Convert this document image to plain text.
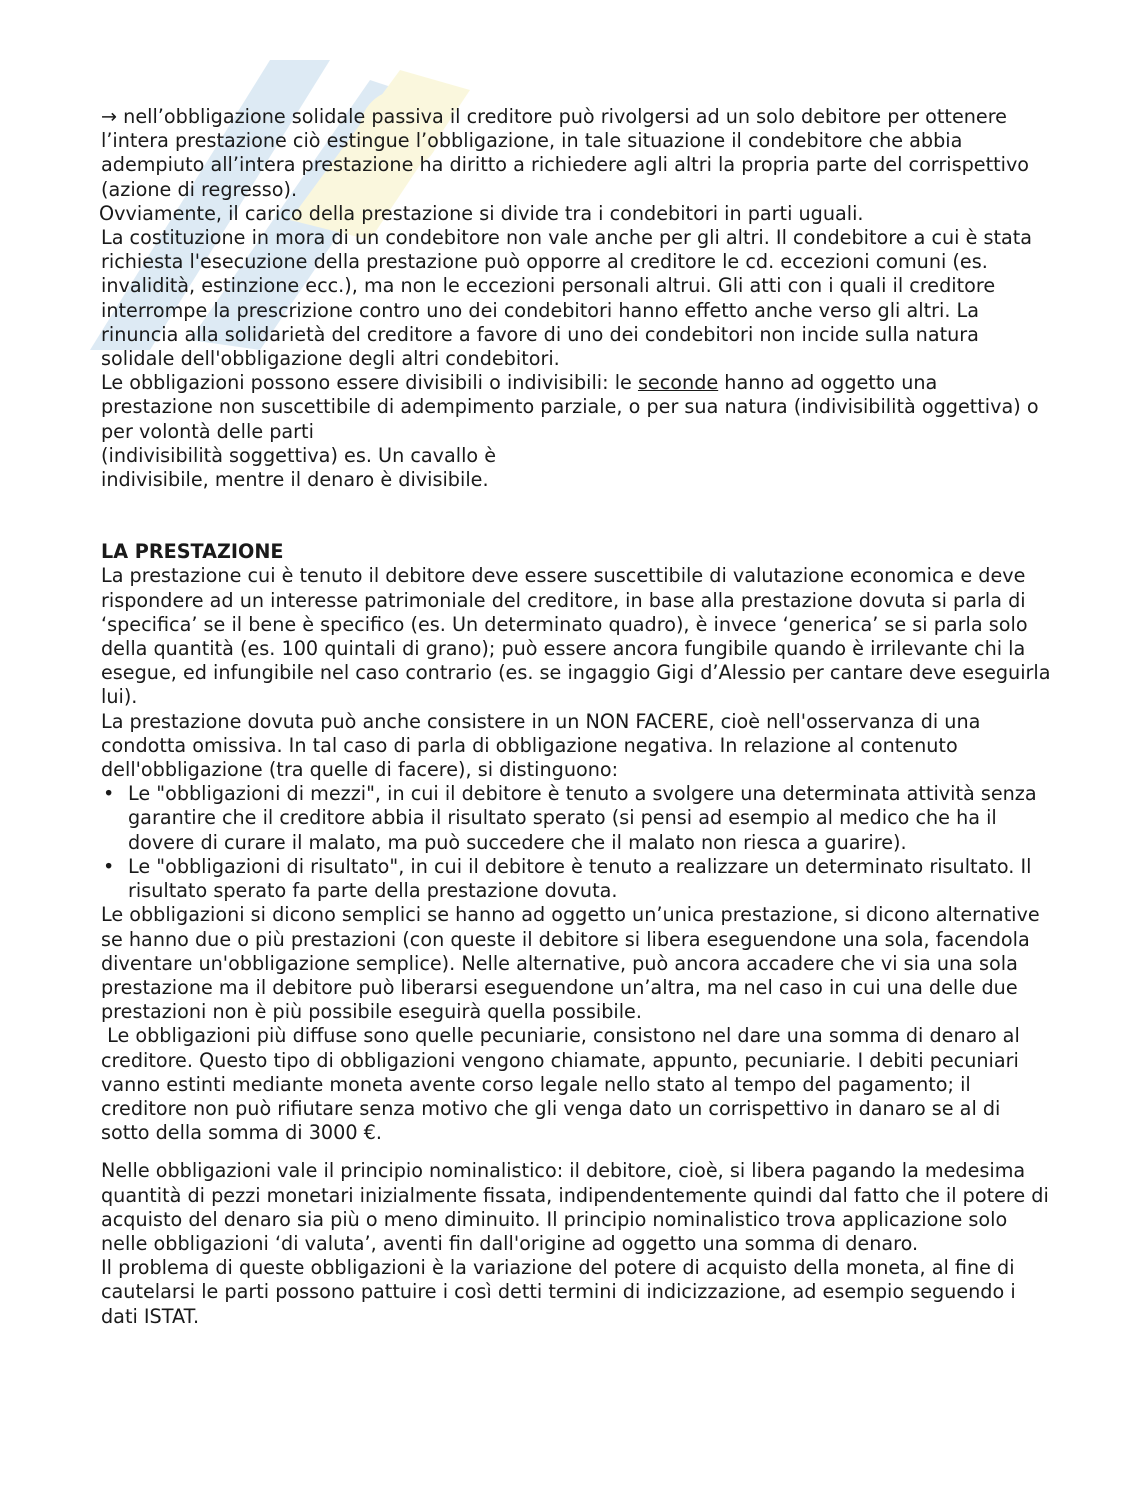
→ nell’obbligazione solidale passiva il creditore può rivolgersi ad un solo debitore per ottenere l’intera prestazione ciò estingue l’obbligazione, in tale situazione il condebitore che abbia adempiuto all’intera prestazione ha diritto a richiedere agli altri la propria parte del corrispettivo (azione di regresso).

Ovviamente, il carico della prestazione si divide tra i condebitori in parti uguali.

La costituzione in mora di un condebitore non vale anche per gli altri. Il condebitore a cui è stata richiesta l'esecuzione della prestazione può opporre al creditore le cd. eccezioni comuni (es. invalidità, estinzione ecc.), ma non le eccezioni personali altrui. Gli atti con i quali il creditore interrompe la prescrizione contro uno dei condebitori hanno effetto anche verso gli altri. La rinuncia alla solidarietà del creditore a favore di uno dei condebitori non incide sulla natura solidale dell'obbligazione degli altri condebitori.

Le obbligazioni possono essere divisibili o indivisibili: le seconde hanno ad oggetto una prestazione non suscettibile di adempimento parziale, o per sua natura (indivisibilità oggettiva) o per volontà delle parti

(indivisibilità soggettiva) es. Un cavallo è

indivisibile, mentre il denaro è divisibile.

LA PRESTAZIONE

La prestazione cui è tenuto il debitore deve essere suscettibile di valutazione economica e deve rispondere ad un interesse patrimoniale del creditore, in base alla prestazione dovuta si parla di ‘specifica’ se il bene è specifico (es. Un determinato quadro), è invece ‘generica’ se si parla solo della quantità (es. 100 quintali di grano); può essere ancora fungibile quando è irrilevante chi la esegue, ed infungibile nel caso contrario (es. se ingaggio Gigi d’Alessio per cantare deve eseguirla lui).

La prestazione dovuta può anche consistere in un NON FACERE, cioè nell'osservanza di una condotta omissiva. In tal caso di parla di obbligazione negativa. In relazione al contenuto dell'obbligazione (tra quelle di facere), si distinguono:

• Le "obbligazioni di mezzi", in cui il debitore è tenuto a svolgere una determinata attività senza garantire che il creditore abbia il risultato sperato (si pensi ad esempio al medico che ha il dovere di curare il malato, ma può succedere che il malato non riesca a guarire).
• Le "obbligazioni di risultato", in cui il debitore è tenuto a realizzare un determinato risultato. Il risultato sperato fa parte della prestazione dovuta.

Le obbligazioni si dicono semplici se hanno ad oggetto un’unica prestazione, si dicono alternative se hanno due o più prestazioni (con queste il debitore si libera eseguendone una sola, facendola diventare un'obbligazione semplice). Nelle alternative, può ancora accadere che vi sia una sola prestazione ma il debitore può liberarsi eseguendone un’altra, ma nel caso in cui una delle due prestazioni non è più possibile eseguirà quella possibile.

Le obbligazioni più diffuse sono quelle pecuniarie, consistono nel dare una somma di denaro al creditore. Questo tipo di obbligazioni vengono chiamate, appunto, pecuniarie. I debiti pecuniari vanno estinti mediante moneta avente corso legale nello stato al tempo del pagamento; il creditore non può rifiutare senza motivo che gli venga dato un corrispettivo in danaro se al di sotto della somma di 3000 €.

Nelle obbligazioni vale il principio nominalistico: il debitore, cioè, si libera pagando la medesima quantità di pezzi monetari inizialmente fissata, indipendentemente quindi dal fatto che il potere di acquisto del denaro sia più o meno diminuito. Il principio nominalistico trova applicazione solo nelle obbligazioni ‘di valuta’, aventi fin dall'origine ad oggetto una somma di denaro.

Il problema di queste obbligazioni è la variazione del potere di acquisto della moneta, al fine di cautelarsi le parti possono pattuire i così detti termini di indicizzazione, ad esempio seguendo i dati ISTAT.
